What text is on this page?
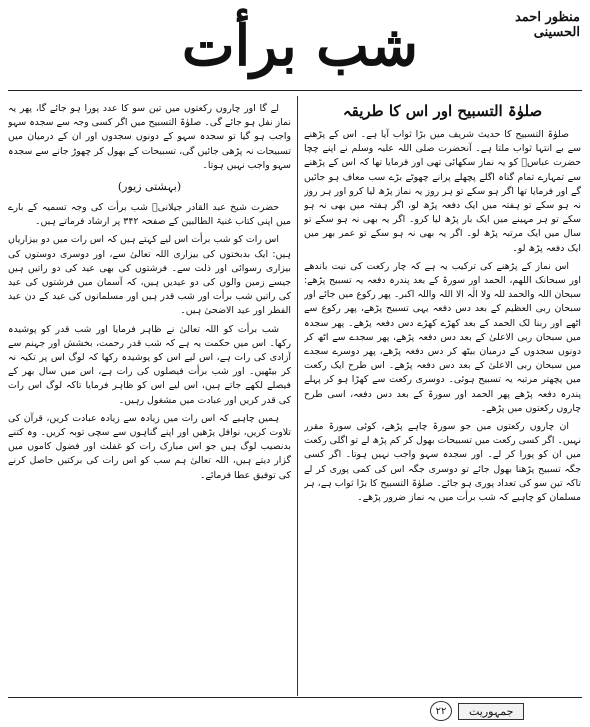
منظور احمد الحسینی
شب برأت
صلوٰۃ التسبیح اور اس کا طریقہ

صلوٰۃ التسبیح کا حدیث شریف میں بڑا ثواب آیا ہے۔ اس کے پڑھنے سے بے انتہا ثواب ملتا ہے۔ آنحضرت صلی اللہ علیہ وسلم نے اپنے چچا حضرت عباسؓ کو یہ نماز سکھائی تھی اور فرمایا تھا کہ اس کے پڑھنے سے تمہارے تمام گناہ اگلے پچھلے پرانے چھوٹے بڑے سب معاف ہو جائیں گے اور فرمایا تھا اگر ہو سکے تو ہر روز یہ نماز پڑھ لیا کرو اور ہر روز نہ ہو سکے تو ہفتہ میں ایک دفعہ پڑھ لو، اگر ہفتہ میں بھی نہ ہو سکے تو ہر مہینے میں ایک بار پڑھ لیا کرو۔ اگر یہ بھی نہ ہو سکے تو سال میں ایک مرتبہ پڑھ لو۔ اگر یہ بھی نہ ہو سکے تو عمر بھر میں ایک دفعہ پڑھ لو۔

اس نماز کے پڑھنے کی ترکیب یہ ہے کہ چار رکعت کی نیت باندھے اور سبحانک اللھم، الحمد اور سورۃ کے بعد پندرہ دفعہ یہ تسبیح پڑھے: سبحان اللہ والحمد للہ ولا الٰہ الا اللہ واللہ اکبر۔ پھر رکوع میں جائے اور سبحان ربی العظیم کے بعد دس دفعہ یہی تسبیح پڑھے، پھر رکوع سے اٹھے اور ربنا لک الحمد کے بعد کھڑے کھڑے دس دفعہ پڑھے۔ پھر سجدہ میں سبحان ربی الاعلیٰ کے بعد دس دفعہ پڑھے، پھر سجدے سے اٹھ کر دونوں سجدوں کے درمیان بیٹھ کر دس دفعہ پڑھے، پھر دوسرے سجدے میں سبحان ربی الاعلیٰ کے بعد دس دفعہ پڑھے۔ اس طرح ایک رکعت میں پچھتر مرتبہ یہ تسبیح ہوئی۔ دوسری رکعت سے کھڑا ہو کر پہلے پندرہ دفعہ پڑھے پھر الحمد اور سورۃ کے بعد دس دفعہ، اسی طرح چاروں رکعتوں میں پڑھے۔

ان چاروں رکعتوں میں جو سورۃ چاہے پڑھے، کوئی سورۃ مقرر نہیں۔ اگر کسی رکعت میں تسبیحات بھول کر کم پڑھ لے تو اگلی رکعت میں ان کو پورا کر لے۔ اور سجدہ سہو واجب نہیں ہوتا۔ اگر کسی جگہ تسبیح پڑھنا بھول جائے تو دوسری جگہ اس کی کمی پوری کر لے تاکہ تین سو کی تعداد پوری ہو جائے۔ صلوٰۃ التسبیح کا بڑا ثواب ہے، ہر مسلمان کو چاہیے کہ شب برأت میں یہ نماز ضرور پڑھے۔

لے گا اور چاروں رکعتوں میں تین سو کا عدد پورا ہو جائے گا، پھر یہ نماز نفل ہو جائے گی۔ صلوٰۃ التسبیح میں اگر کسی وجہ سے سجدہ سہو واجب ہو گیا تو سجدہ سہو کے دونوں سجدوں اور ان کے درمیان میں تسبیحات نہ پڑھی جائیں گی، تسبیحات کے بھول کر چھوڑ جانے سے سجدہ سہو واجب نہیں ہوتا۔

(بہشتی زیور)

حضرت شیخ عبد القادر جیلانیؒ شب برأت کی وجہ تسمیہ کے بارے میں اپنی کتاب غنیۃ الطالبین کے صفحہ ۳۴۲ پر ارشاد فرماتے ہیں۔

اس رات کو شب برأت اس لیے کہتے ہیں کہ اس رات میں دو بیزاریاں ہیں: ایک بدبختوں کی بیزاری اللہ تعالیٰ سے، اور دوسری دوستوں کی بیزاری رسوائی اور ذلت سے۔ فرشتوں کی بھی عید کی دو راتیں ہیں جیسے زمین والوں کی دو عیدیں ہیں، کہ آسمان میں فرشتوں کی عید کی راتیں شب برأت اور شب قدر ہیں اور مسلمانوں کی عید کے دن عید الفطر اور عید الاضحیٰ ہیں۔

شب برأت کو اللہ تعالیٰ نے ظاہر فرمایا اور شب قدر کو پوشیدہ رکھا۔ اس میں حکمت یہ ہے کہ شب قدر رحمت، بخشش اور جہنم سے آزادی کی رات ہے، اس لیے اس کو پوشیدہ رکھا کہ لوگ اس پر تکیہ نہ کر بیٹھیں۔ اور شب برأت فیصلوں کی رات ہے، اس میں سال بھر کے فیصلے لکھے جاتے ہیں، اس لیے اس کو ظاہر فرمایا تاکہ لوگ اس رات کی قدر کریں اور عبادت میں مشغول رہیں۔

ہمیں چاہیے کہ اس رات میں زیادہ سے زیادہ عبادت کریں، قرآن کی تلاوت کریں، نوافل پڑھیں اور اپنے گناہوں سے سچی توبہ کریں۔ وہ کتنے بدنصیب لوگ ہیں جو اس مبارک رات کو غفلت اور فضول کاموں میں گزار دیتے ہیں، اللہ تعالیٰ ہم سب کو اس رات کی برکتیں حاصل کرنے کی توفیق عطا فرمائے۔

۲۲	جمہوریت
